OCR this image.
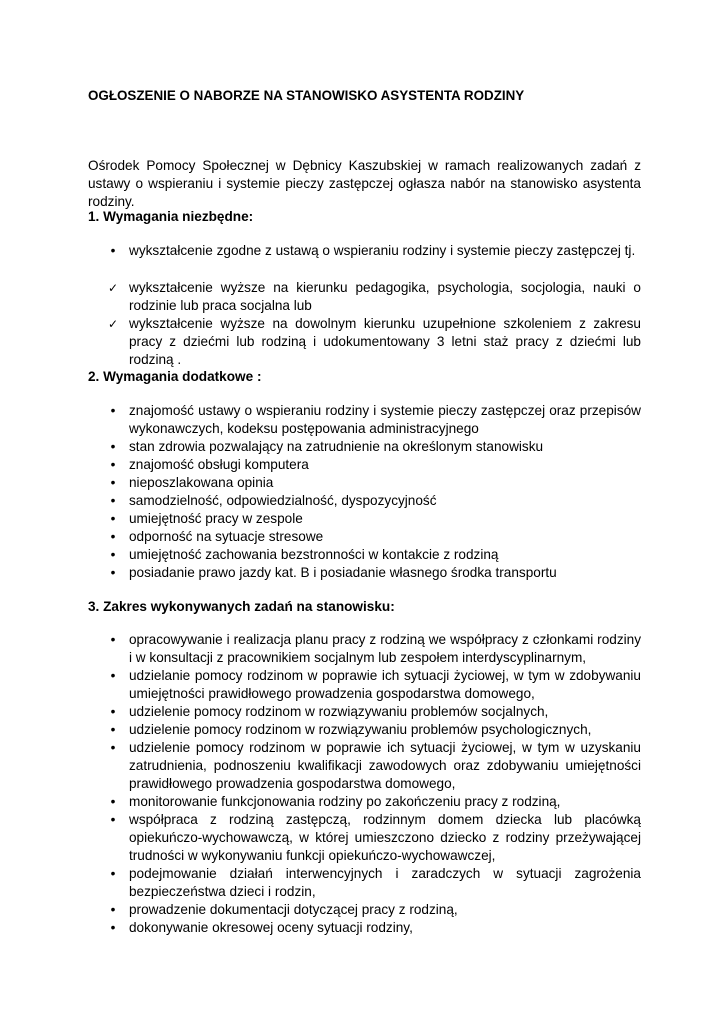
OGŁOSZENIE O NABORZE NA STANOWISKO ASYSTENTA RODZINY
Ośrodek Pomocy Społecznej w Dębnicy Kaszubskiej w ramach realizowanych zadań z ustawy o wspieraniu i systemie pieczy zastępczej ogłasza nabór na stanowisko asystenta rodziny.
1. Wymagania niezbędne:
•
wykształcenie zgodne z ustawą o wspieraniu rodziny i systemie pieczy zastępczej tj.
✓
wykształcenie wyższe na kierunku pedagogika, psychologia, socjologia, nauki o rodzinie lub praca socjalna lub
✓
wykształcenie wyższe na dowolnym kierunku uzupełnione szkoleniem z zakresu pracy z dziećmi lub rodziną i udokumentowany 3 letni staż pracy z dziećmi lub rodziną .
2. Wymagania dodatkowe :
•
znajomość ustawy o wspieraniu rodziny i systemie pieczy zastępczej oraz przepisów wykonawczych, kodeksu postępowania administracyjnego
•
stan zdrowia pozwalający na zatrudnienie na określonym stanowisku
•
znajomość obsługi komputera
•
nieposzlakowana opinia
•
samodzielność, odpowiedzialność, dyspozycyjność
•
umiejętność pracy w zespole
•
odporność na sytuacje stresowe
•
umiejętność zachowania bezstronności w kontakcie z rodziną
•
posiadanie prawo jazdy kat. B i posiadanie własnego środka transportu
3. Zakres wykonywanych zadań na stanowisku:
•
opracowywanie i realizacja planu pracy z rodziną we współpracy z członkami rodziny i w konsultacji z pracownikiem socjalnym lub zespołem interdyscyplinarnym,
•
udzielanie pomocy rodzinom w poprawie ich sytuacji życiowej, w tym w zdobywaniu umiejętności prawidłowego prowadzenia gospodarstwa domowego,
•
udzielenie pomocy rodzinom w rozwiązywaniu problemów socjalnych,
•
udzielenie pomocy rodzinom w rozwiązywaniu problemów psychologicznych,
•
udzielenie pomocy rodzinom w poprawie ich sytuacji życiowej, w tym w uzyskaniu zatrudnienia, podnoszeniu kwalifikacji zawodowych oraz zdobywaniu umiejętności prawidłowego prowadzenia gospodarstwa domowego,
•
monitorowanie funkcjonowania rodziny po zakończeniu pracy z rodziną,
•
współpraca z rodziną zastępczą, rodzinnym domem dziecka lub placówką opiekuńczo-wychowawczą, w której umieszczono dziecko z rodziny przeżywającej trudności w wykonywaniu funkcji opiekuńczo-wychowawczej,
•
podejmowanie działań interwencyjnych i zaradczych w sytuacji zagrożenia bezpieczeństwa dzieci i rodzin,
•
prowadzenie dokumentacji dotyczącej pracy z rodziną,
•
dokonywanie okresowej oceny sytuacji rodziny,
